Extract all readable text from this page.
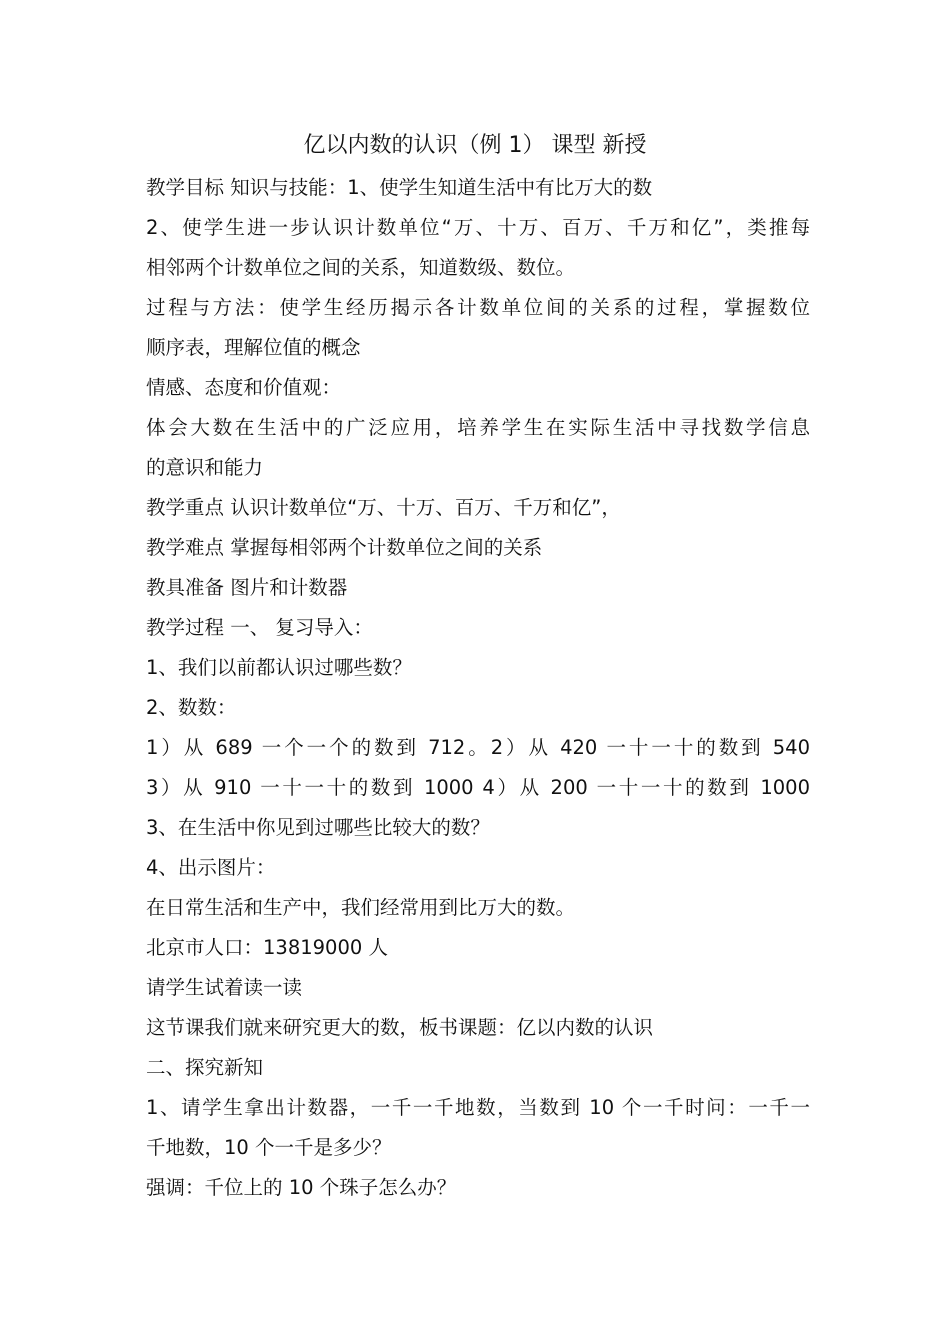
亿以内数的认识（例 1） 课型 新授
教学目标 知识与技能：1、使学生知道生活中有比万大的数
2、使学生进一步认识计数单位“万、十万、百万、千万和亿”，类推每
相邻两个计数单位之间的关系，知道数级、数位。
过程与方法：使学生经历揭示各计数单位间的关系的过程，掌握数位
顺序表，理解位值的概念
情感、态度和价值观：
体会大数在生活中的广泛应用，培养学生在实际生活中寻找数学信息
的意识和能力
教学重点 认识计数单位“万、十万、百万、千万和亿”，
教学难点 掌握每相邻两个计数单位之间的关系
教具准备 图片和计数器
教学过程 一、 复习导入：
1、我们以前都认识过哪些数？
2、数数：
1）从 689 一个一个的数到 712。2）从 420 一十一十的数到 540
3）从 910 一十一十的数到 1000 4）从 200 一十一十的数到 1000
3、在生活中你见到过哪些比较大的数？
4、出示图片：
在日常生活和生产中，我们经常用到比万大的数。
北京市人口：13819000 人
请学生试着读一读
这节课我们就来研究更大的数，板书课题：亿以内数的认识
二、探究新知
1、请学生拿出计数器，一千一千地数，当数到 10 个一千时问：一千一
千地数，10 个一千是多少？
强调：千位上的 10 个珠子怎么办？
